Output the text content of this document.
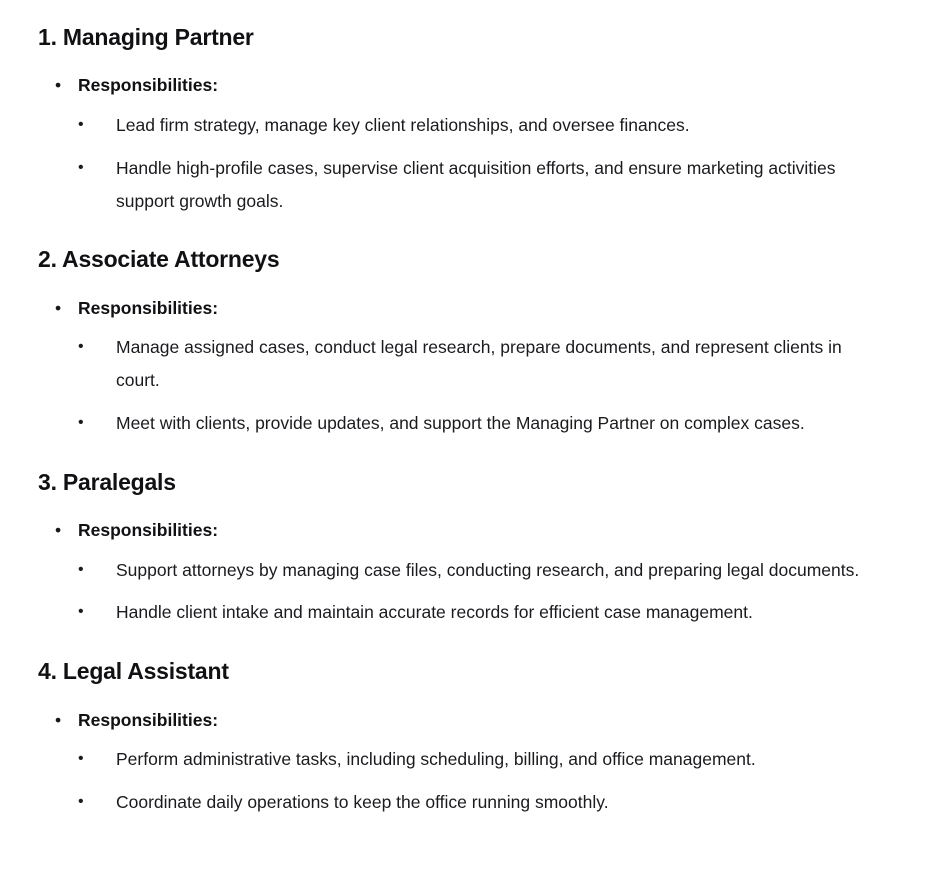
1. Managing Partner
• Responsibilities:
• Lead firm strategy, manage key client relationships, and oversee finances.
• Handle high-profile cases, supervise client acquisition efforts, and ensure marketing activities support growth goals.
2. Associate Attorneys
• Responsibilities:
• Manage assigned cases, conduct legal research, prepare documents, and represent clients in court.
• Meet with clients, provide updates, and support the Managing Partner on complex cases.
3. Paralegals
• Responsibilities:
• Support attorneys by managing case files, conducting research, and preparing legal documents.
• Handle client intake and maintain accurate records for efficient case management.
4. Legal Assistant
• Responsibilities:
• Perform administrative tasks, including scheduling, billing, and office management.
• Coordinate daily operations to keep the office running smoothly.
